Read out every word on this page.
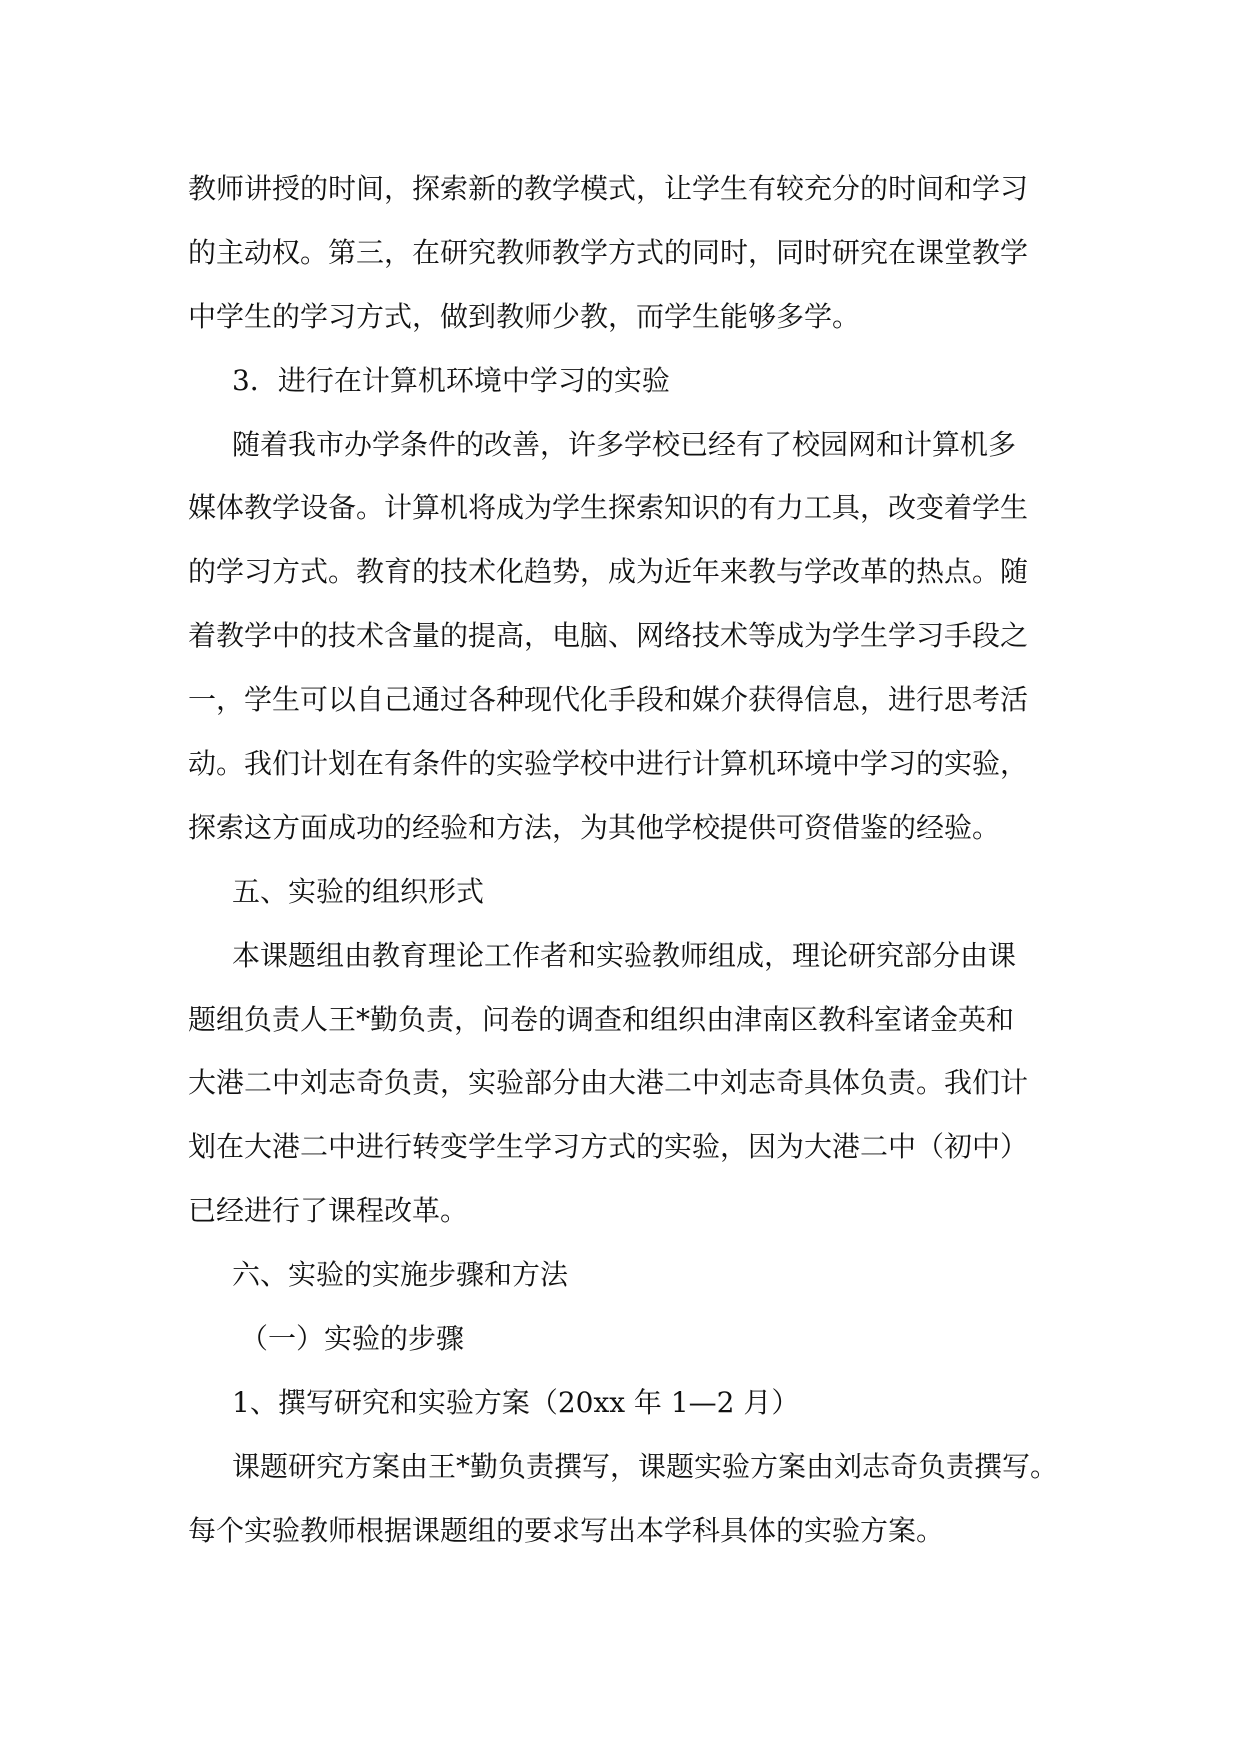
教师讲授的时间，探索新的教学模式，让学生有较充分的时间和学习
的主动权。第三，在研究教师教学方式的同时，同时研究在课堂教学
中学生的学习方式，做到教师少教，而学生能够多学。
3．进行在计算机环境中学习的实验
随着我市办学条件的改善，许多学校已经有了校园网和计算机多
媒体教学设备。计算机将成为学生探索知识的有力工具，改变着学生
的学习方式。教育的技术化趋势，成为近年来教与学改革的热点。随
着教学中的技术含量的提高，电脑、网络技术等成为学生学习手段之
一，学生可以自己通过各种现代化手段和媒介获得信息，进行思考活
动。我们计划在有条件的实验学校中进行计算机环境中学习的实验，
探索这方面成功的经验和方法，为其他学校提供可资借鉴的经验。
五、实验的组织形式
本课题组由教育理论工作者和实验教师组成，理论研究部分由课
题组负责人王*勤负责，问卷的调查和组织由津南区教科室诸金英和
大港二中刘志奇负责，实验部分由大港二中刘志奇具体负责。我们计
划在大港二中进行转变学生学习方式的实验，因为大港二中（初中）
已经进行了课程改革。
六、实验的实施步骤和方法
（一）实验的步骤
1、撰写研究和实验方案（20xx 年 1—2 月）
课题研究方案由王*勤负责撰写，课题实验方案由刘志奇负责撰写。
每个实验教师根据课题组的要求写出本学科具体的实验方案。
